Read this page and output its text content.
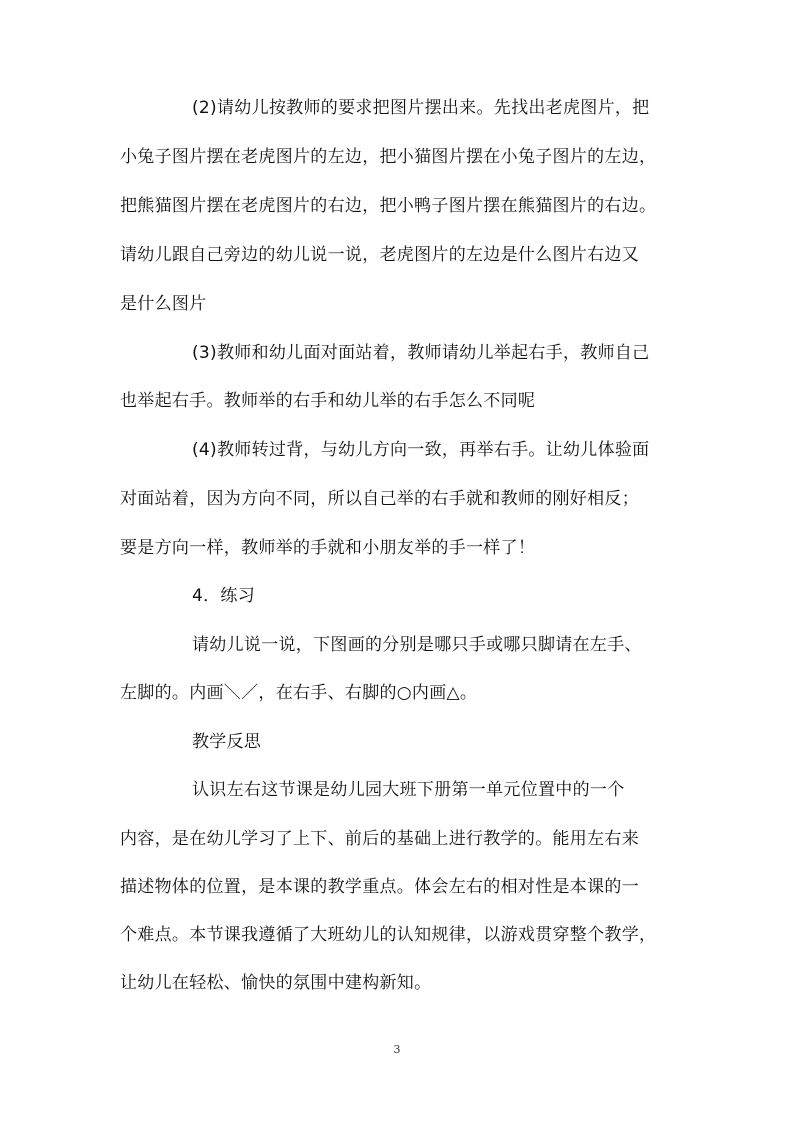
(2)请幼儿按教师的要求把图片摆出来。先找出老虎图片，把
小兔子图片摆在老虎图片的左边，把小猫图片摆在小兔子图片的左边，
把熊猫图片摆在老虎图片的右边，把小鸭子图片摆在熊猫图片的右边。
请幼儿跟自己旁边的幼儿说一说，老虎图片的左边是什么图片右边又
是什么图片
(3)教师和幼儿面对面站着，教师请幼儿举起右手，教师自己
也举起右手。教师举的右手和幼儿举的右手怎么不同呢
(4)教师转过背，与幼儿方向一致，再举右手。让幼儿体验面
对面站着，因为方向不同，所以自己举的右手就和教师的刚好相反；
要是方向一样，教师举的手就和小朋友举的手一样了！
4．练习
请幼儿说一说，下图画的分别是哪只手或哪只脚请在左手、
左脚的。内画＼／，在右手、右脚的○内画△。
教学反思
认识左右这节课是幼儿园大班下册第一单元位置中的一个
内容，是在幼儿学习了上下、前后的基础上进行教学的。能用左右来
描述物体的位置，是本课的教学重点。体会左右的相对性是本课的一
个难点。本节课我遵循了大班幼儿的认知规律，以游戏贯穿整个教学，
让幼儿在轻松、愉快的氛围中建构新知。
3
